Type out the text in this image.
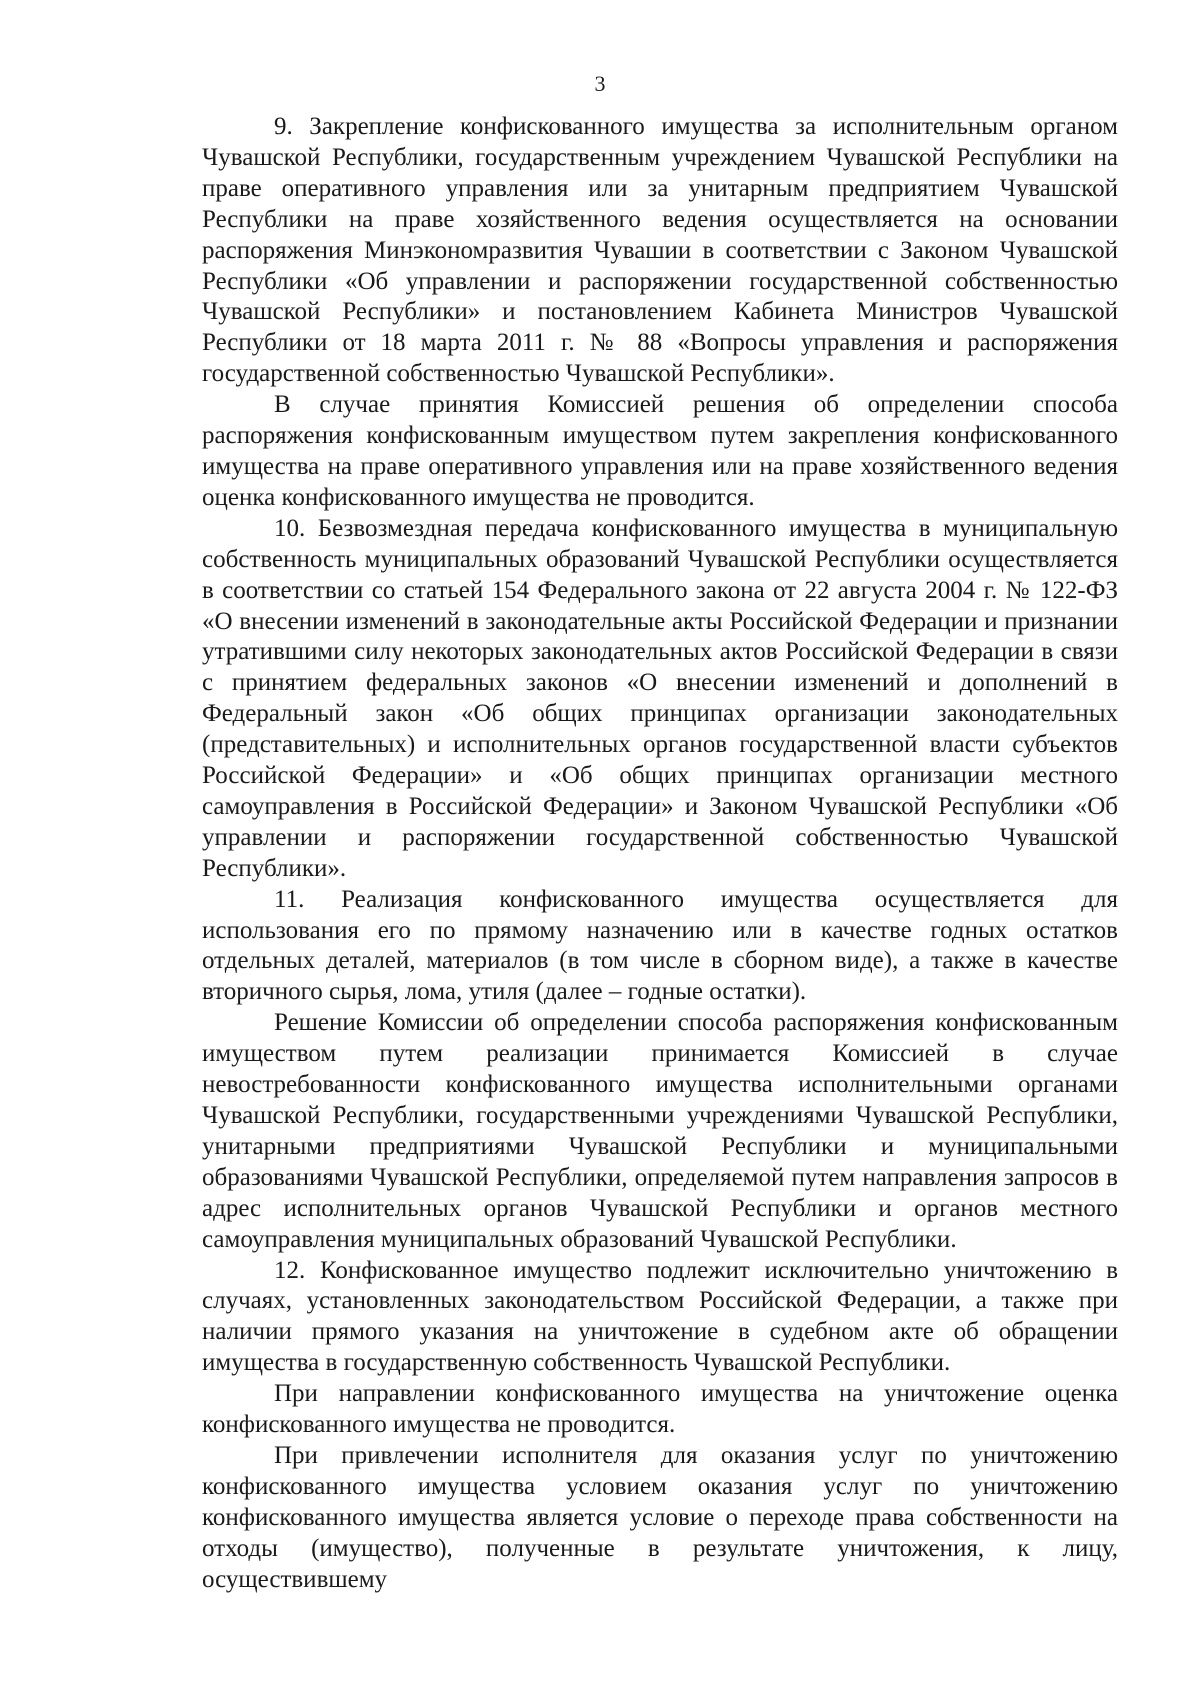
3

9. Закрепление конфискованного имущества за исполнительным органом Чувашской Республики, государственным учреждением Чувашской Республики на праве оперативного управления или за унитарным предприятием Чувашской Республики на праве хозяйственного ведения осуществляется на основании распоряжения Минэкономразвития Чувашии в соответствии с Законом Чувашской Республики «Об управлении и распоряжении государственной собственностью Чувашской Республики» и постановлением Кабинета Министров Чувашской Республики от 18 марта 2011 г. № 88 «Вопросы управления и распоряжения государственной собственностью Чувашской Республики».

В случае принятия Комиссией решения об определении способа распоряжения конфискованным имуществом путем закрепления конфискованного имущества на праве оперативного управления или на праве хозяйственного ведения оценка конфискованного имущества не проводится.

10. Безвозмездная передача конфискованного имущества в муниципальную собственность муниципальных образований Чувашской Республики осуществляется в соответствии со статьей 154 Федерального закона от 22 августа 2004 г. № 122-ФЗ «О внесении изменений в законодательные акты Российской Федерации и признании утратившими силу некоторых законодательных актов Российской Федерации в связи с принятием федеральных законов «О внесении изменений и дополнений в Федеральный закон «Об общих принципах организации законодательных (представительных) и исполнительных органов государственной власти субъектов Российской Федерации» и «Об общих принципах организации местного самоуправления в Российской Федерации» и Законом Чувашской Республики «Об управлении и распоряжении государственной собственностью Чувашской Республики».

11. Реализация конфискованного имущества осуществляется для использования его по прямому назначению или в качестве годных остатков отдельных деталей, материалов (в том числе в сборном виде), а также в качестве вторичного сырья, лома, утиля (далее – годные остатки).

Решение Комиссии об определении способа распоряжения конфискованным имуществом путем реализации принимается Комиссией в случае невостребованности конфискованного имущества исполнительными органами Чувашской Республики, государственными учреждениями Чувашской Республики, унитарными предприятиями Чувашской Республики и муниципальными образованиями Чувашской Республики, определяемой путем направления запросов в адрес исполнительных органов Чувашской Республики и органов местного самоуправления муниципальных образований Чувашской Республики.

12. Конфискованное имущество подлежит исключительно уничтожению в случаях, установленных законодательством Российской Федерации, а также при наличии прямого указания на уничтожение в судебном акте об обращении имущества в государственную собственность Чувашской Республики.

При направлении конфискованного имущества на уничтожение оценка конфискованного имущества не проводится.

При привлечении исполнителя для оказания услуг по уничтожению конфискованного имущества условием оказания услуг по уничтожению конфискованного имущества является условие о переходе права собственности на отходы (имущество), полученные в результате уничтожения, к лицу, осуществившему
